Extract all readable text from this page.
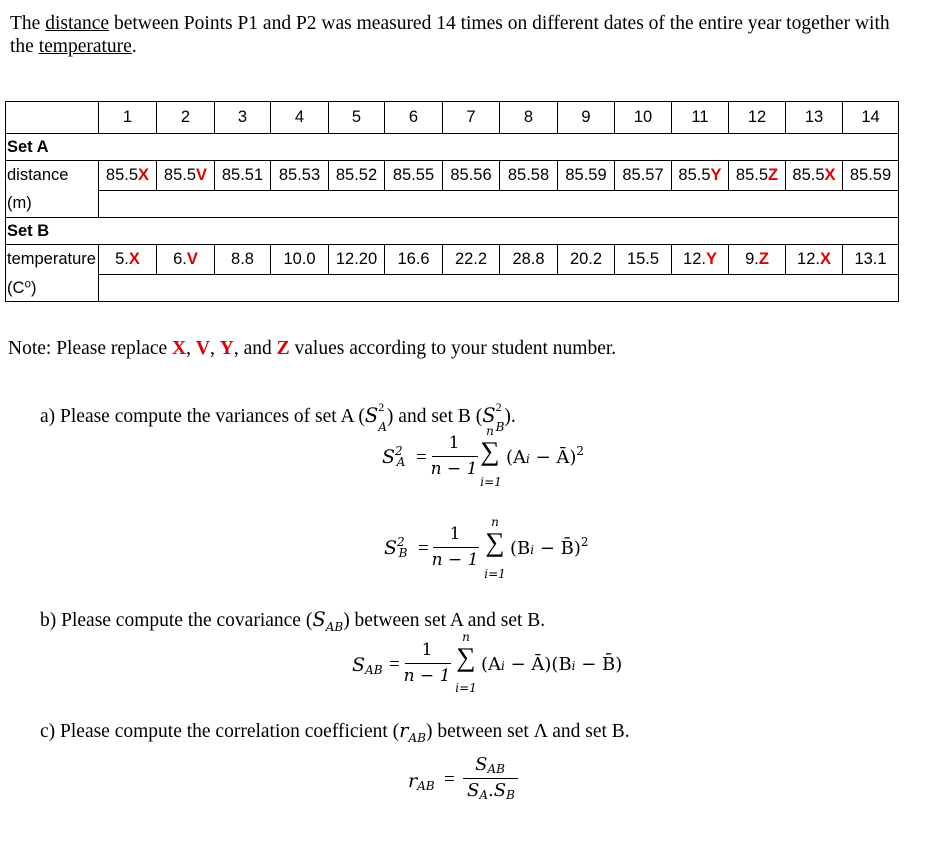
The distance between Points P1 and P2 was measured 14 times on different dates of the entire year together with the temperature.
	1	2	3	4	5	6	7	8	9	10	11	12	13	14
Set A														
distance	85.5X	85.5V	85.51	85.53	85.52	85.55	85.56	85.58	85.59	85.57	85.5Y	85.5Z	85.5X	85.59
(m)														
Set B														
temperature	5.X	6.V	8.8	10.0	12.20	16.6	22.2	28.8	20.2	15.5	12.Y	9.Z	12.X	13.1
(C⁰)														
Note: Please replace X, V, Y, and Z values according to your student number.
a) Please compute the variances of set A (S 2
$_A$) and set B (S 2
$_B$).
$S^2A$ =
1
n − 1
n
∑
i=1
(Ai − Ā)$^2$
$S^2B$ =
1
n − 1
n
∑
i=1
(Bi − B̄)$^2$
b) Please compute the covariance $(S_{AB})$ between set A and set B.
SAB =
1
n − 1
n
∑
i=1
(Ai − Ā)(Bi − B̄)
c) Please compute the correlation coefficient $(r_{AB})$ between set Λ and set B.
rAB =
SAB
SA.SB
